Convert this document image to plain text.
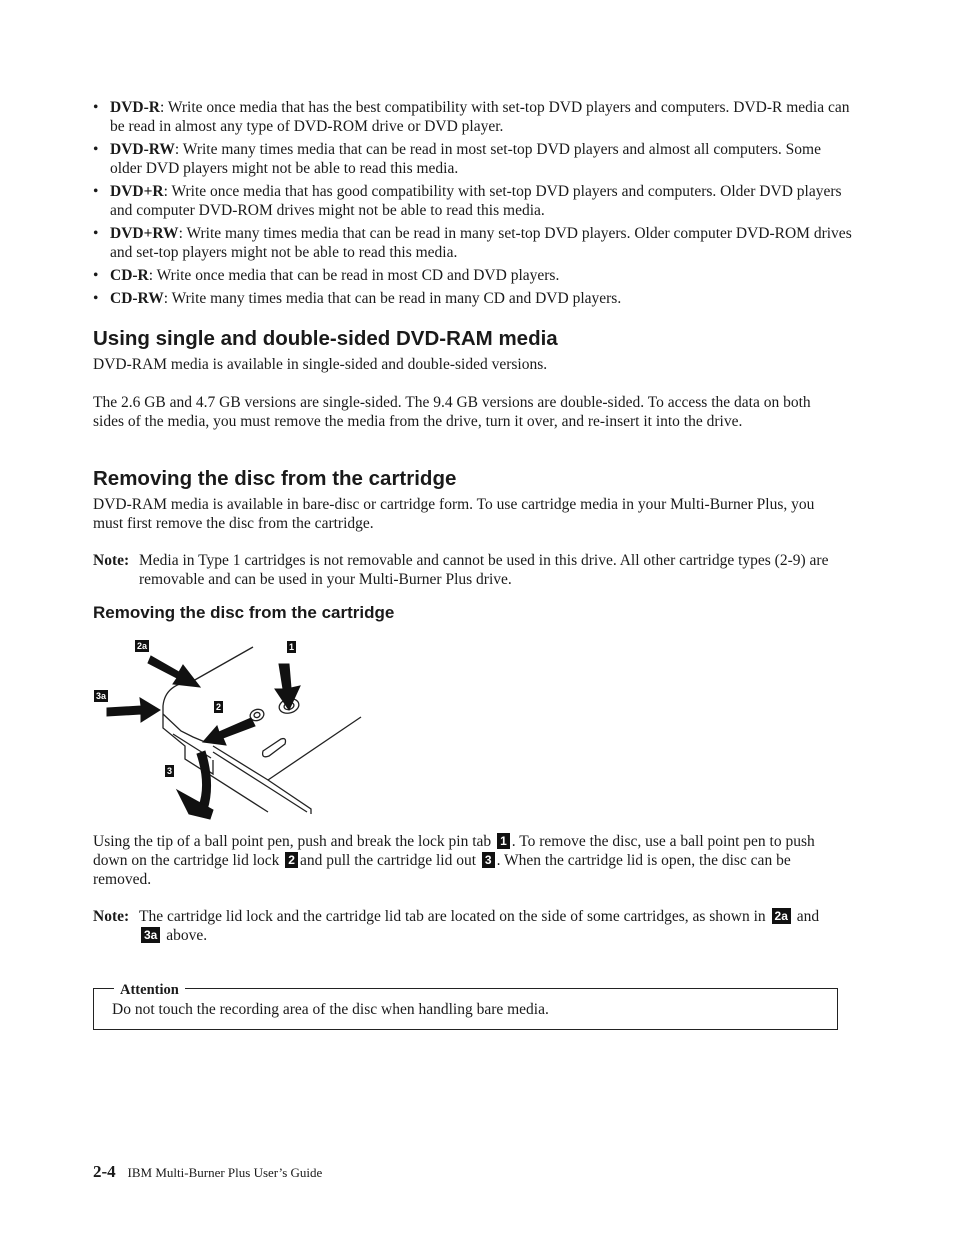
• DVD-R: Write once media that has the best compatibility with set-top DVD players and computers. DVD-R media can be read in almost any type of DVD-ROM drive or DVD player.
• DVD-RW: Write many times media that can be read in most set-top DVD players and almost all computers. Some older DVD players might not be able to read this media.
• DVD+R: Write once media that has good compatibility with set-top DVD players and computers. Older DVD players and computer DVD-ROM drives might not be able to read this media.
• DVD+RW: Write many times media that can be read in many set-top DVD players. Older computer DVD-ROM drives and set-top players might not be able to read this media.
• CD-R: Write once media that can be read in most CD and DVD players.
• CD-RW: Write many times media that can be read in many CD and DVD players.
Using single and double-sided DVD-RAM media

DVD-RAM media is available in single-sided and double-sided versions.

The 2.6 GB and 4.7 GB versions are single-sided. The 9.4 GB versions are double-sided. To access the data on both sides of the media, you must remove the media from the drive, turn it over, and re-insert it into the drive.

Removing the disc from the cartridge

DVD-RAM media is available in bare-disc or cartridge form. To use cartridge media in your Multi-Burner Plus, you must first remove the disc from the cartridge.

Note: Media in Type 1 cartridges is not removable and cannot be used in this drive. All other cartridge types (2-9) are removable and can be used in your Multi-Burner Plus drive.
Removing the disc from the cartridge
2a
3a
1
2
3

Using the tip of a ball point pen, push and break the lock pin tab 1 . To remove the disc, use a ball point pen to push down on the cartridge lid lock 2 and pull the cartridge lid out 3 . When the cartridge lid is open, the disc can be removed.

Note: The cartridge lid lock and the cartridge lid tab are located on the side of some cartridges, as shown in 2a and 3a above.
Attention
Do not touch the recording area of the disc when handling bare media.
2-4 IBM Multi-Burner Plus User’s Guide
